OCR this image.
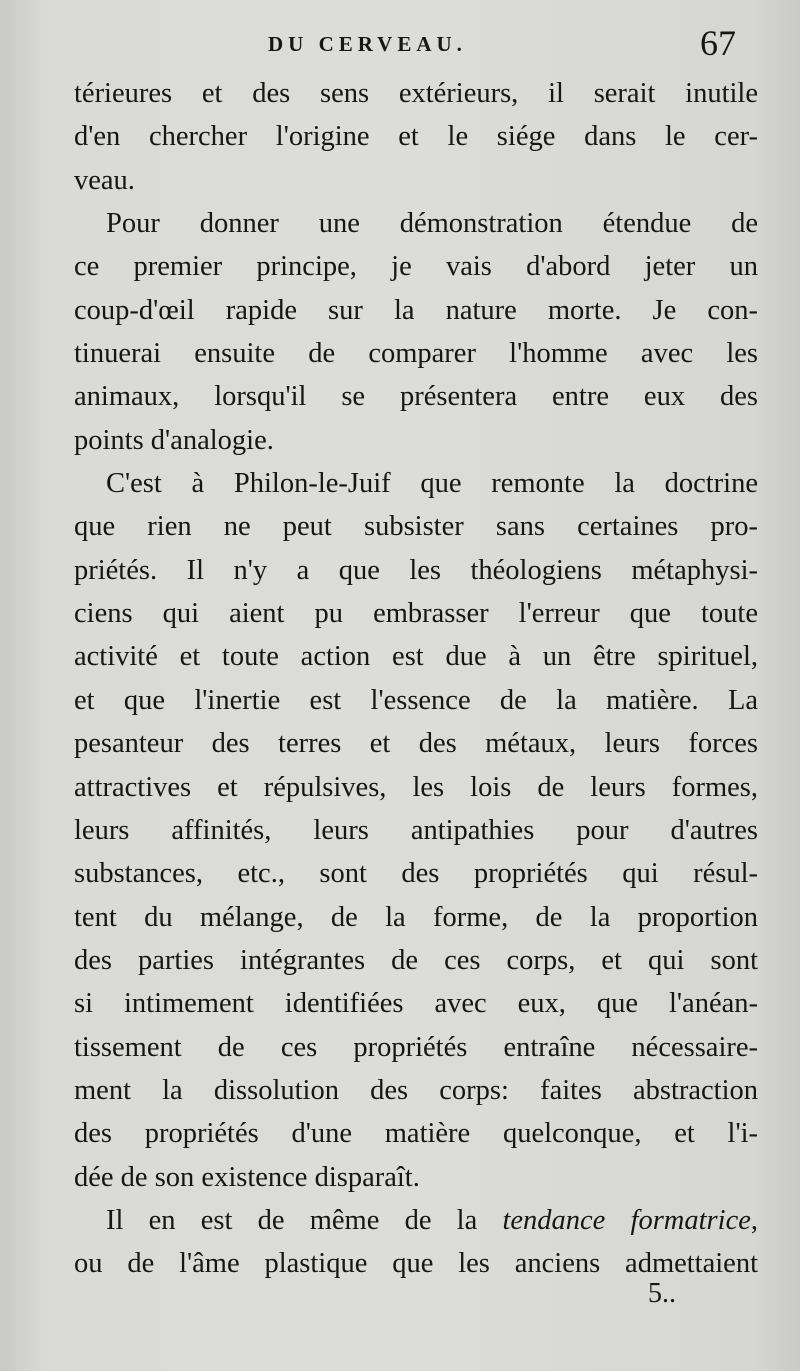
DU CERVEAU.	67
térieures et des sens extérieurs, il serait inutile
d'en chercher l'origine et le siége dans le cer-
veau.
Pour donner une démonstration étendue de
ce premier principe, je vais d'abord jeter un
coup-d'œil rapide sur la nature morte. Je con-
tinuerai ensuite de comparer l'homme avec les
animaux, lorsqu'il se présentera entre eux des
points d'analogie.
C'est à Philon-le-Juif que remonte la doctrine
que rien ne peut subsister sans certaines pro-
priétés. Il n'y a que les théologiens métaphysi-
ciens qui aient pu embrasser l'erreur que toute
activité et toute action est due à un être spirituel,
et que l'inertie est l'essence de la matière. La
pesanteur des terres et des métaux, leurs forces
attractives et répulsives, les lois de leurs formes,
leurs affinités, leurs antipathies pour d'autres
substances, etc., sont des propriétés qui résul-
tent du mélange, de la forme, de la proportion
des parties intégrantes de ces corps, et qui sont
si intimement identifiées avec eux, que l'anéan-
tissement de ces propriétés entraîne nécessaire-
ment la dissolution des corps: faites abstraction
des propriétés d'une matière quelconque, et l'i-
dée de son existence disparaît.
Il en est de même de la tendance formatrice,
ou de l'âme plastique que les anciens admettaient
5..
